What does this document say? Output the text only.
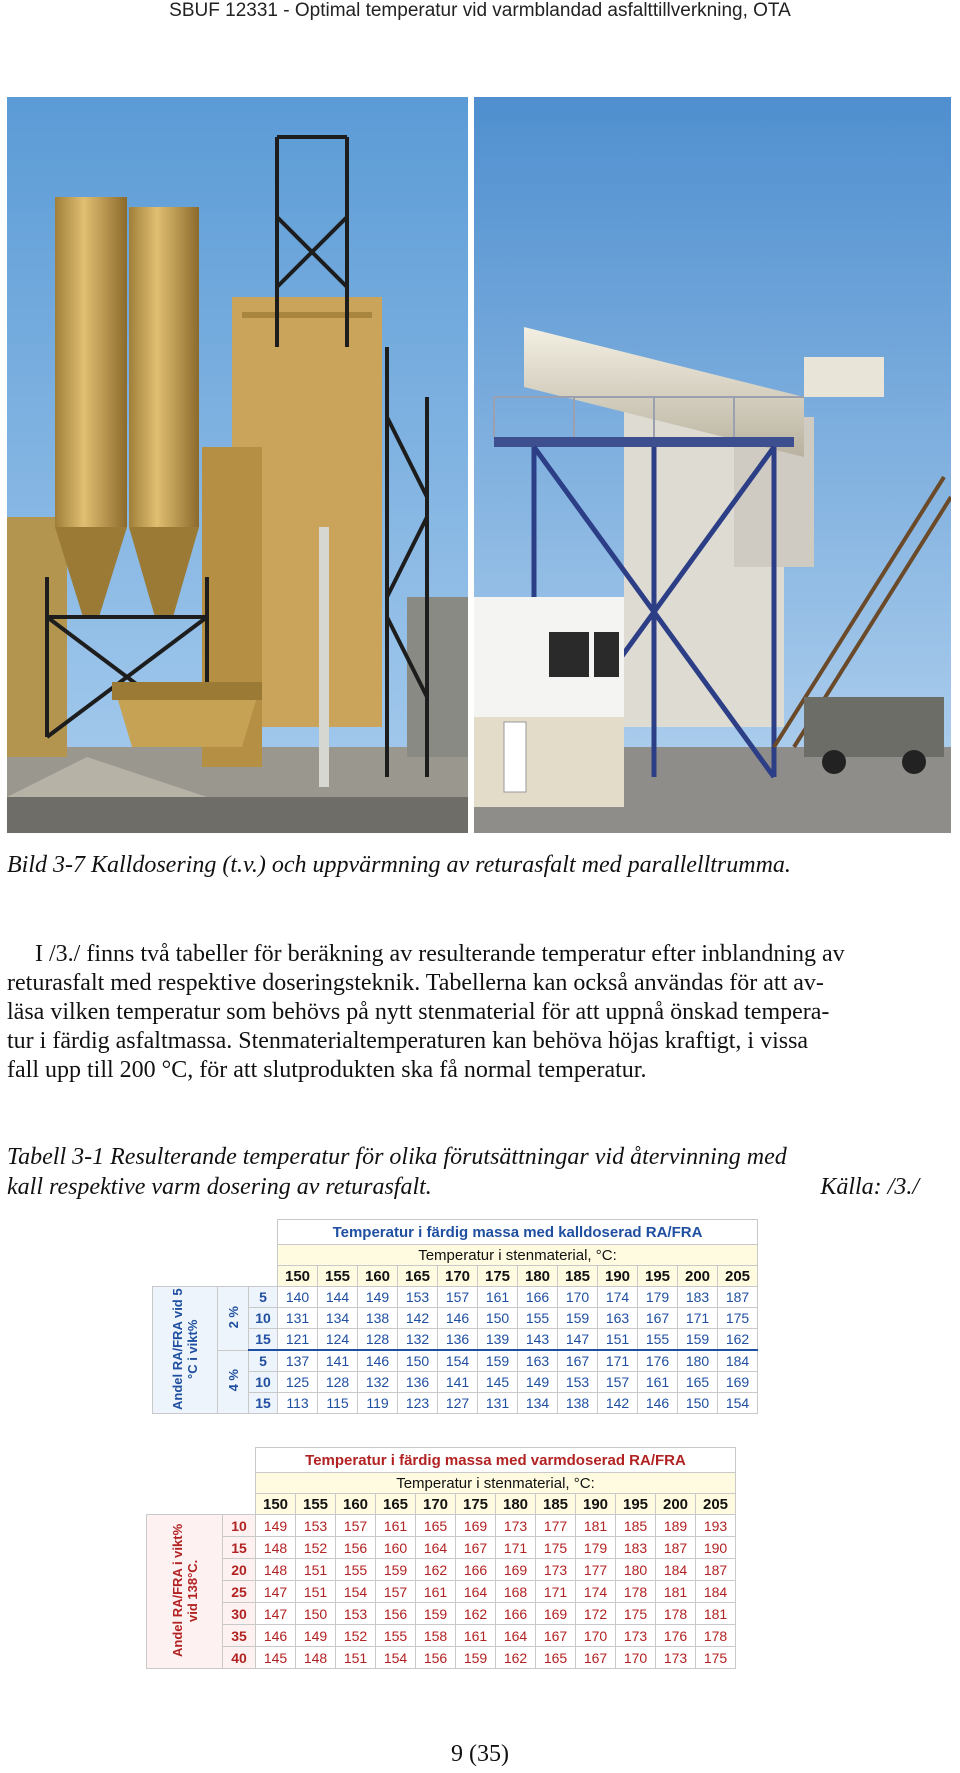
SBUF 12331 - Optimal temperatur vid varmblandad asfalttillverkning, OTA
Bild 3-7 Kalldosering (t.v.) och uppvärmning av returasfalt med parallelltrumma.
I /3./ finns två tabeller för beräkning av resulterande temperatur efter inblandning av
returasfalt med respektive doseringsteknik. Tabellerna kan också användas för att av-
läsa vilken temperatur som behövs på nytt stenmaterial för att uppnå önskad tempera-
tur i färdig asfaltmassa. Stenmaterialtemperaturen kan behöva höjas kraftigt, i vissa
fall upp till 200 °C, för att slutprodukten ska få normal temperatur.
Tabell 3-1 Resulterande temperatur för olika förutsättningar vid återvinning med
kall respektive varm dosering av returasfalt.	Källa: /3./
			Temperatur i färdig massa med kalldoserad RA/FRA											
			Temperatur i stenmaterial, °C:											
			150	155	160	165	170	175	180	185	190	195	200	205
Andel RA/FRA vid 5 °C i vikt%	2 %	5	140	144	149	153	157	161	166	170	174	179	183	187
		10	131	134	138	142	146	150	155	159	163	167	171	175
		15	121	124	128	132	136	139	143	147	151	155	159	162
	4 %	5	137	141	146	150	154	159	163	167	171	176	180	184
		10	125	128	132	136	141	145	149	153	157	161	165	169
		15	113	115	119	123	127	131	134	138	142	146	150	154
		Temperatur i färdig massa med varmdoserad RA/FRA											
		Temperatur i stenmaterial, °C:											
		150	155	160	165	170	175	180	185	190	195	200	205
Andel RA/FRA i vikt% vid 138°C.	10	149	153	157	161	165	169	173	177	181	185	189	193
	15	148	152	156	160	164	167	171	175	179	183	187	190
	20	148	151	155	159	162	166	169	173	177	180	184	187
	25	147	151	154	157	161	164	168	171	174	178	181	184
	30	147	150	153	156	159	162	166	169	172	175	178	181
	35	146	149	152	155	158	161	164	167	170	173	176	178
	40	145	148	151	154	156	159	162	165	167	170	173	175
9 (35)
